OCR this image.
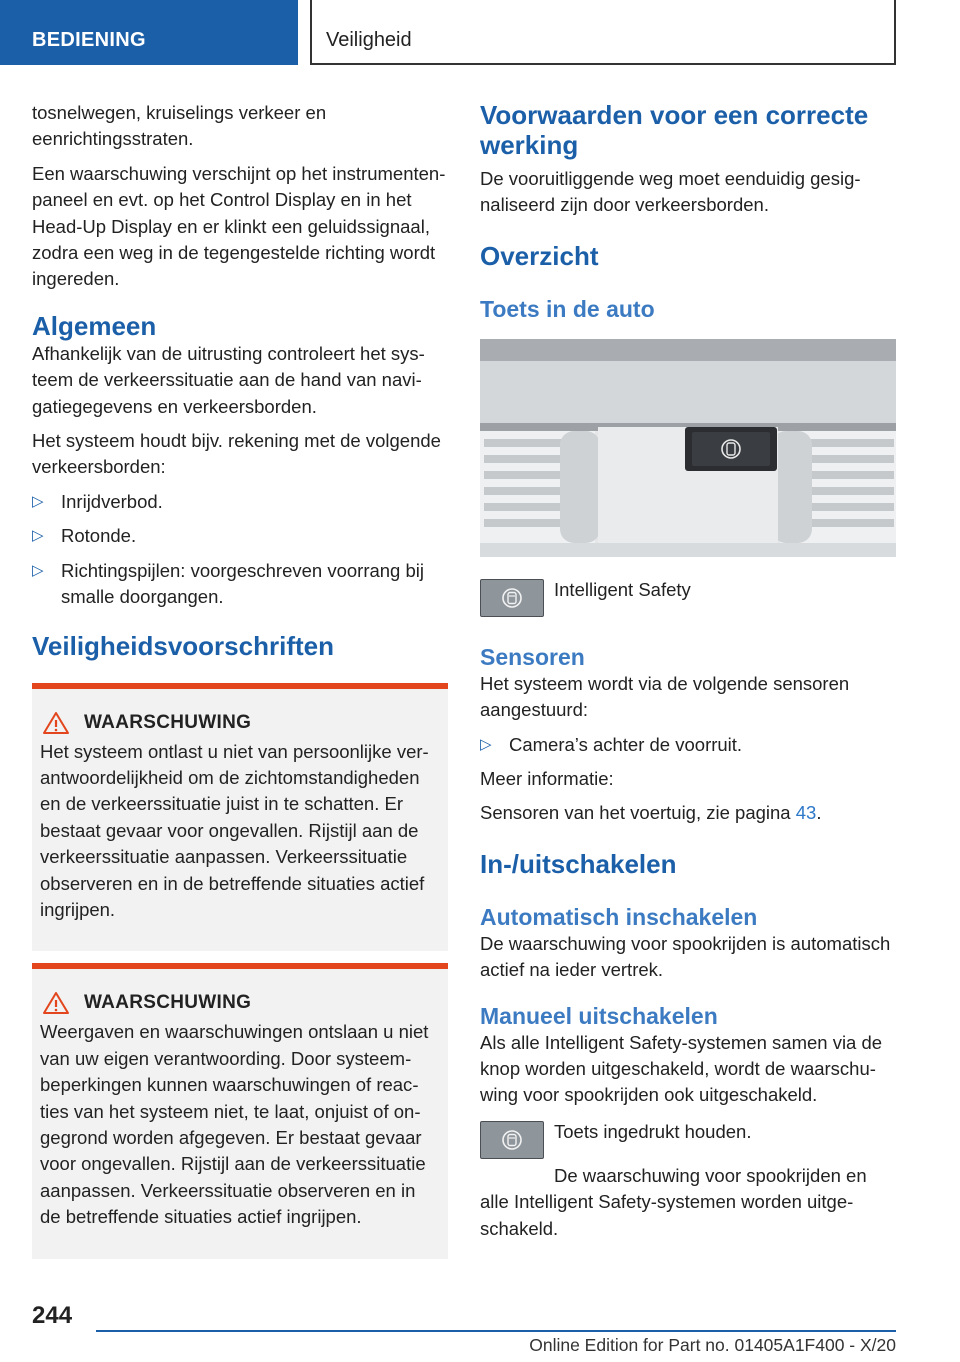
BEDIENING	Veiligheid

tosnelwegen, kruiselings verkeer en eenrichtingsstraten.

Een waarschuwing verschijnt op het instrumentenpaneel en evt. op het Control Display en in het Head-Up Display en er klinkt een geluidssignaal, zodra een weg in de tegengestelde richting wordt ingereden.

Algemeen

Afhankelijk van de uitrusting controleert het systeem de verkeerssituatie aan de hand van navigatiegegevens en verkeersborden.

Het systeem houdt bijv. rekening met de volgende verkeersborden:

▷ Inrijdverbod.
▷ Rotonde.
▷ Richtingspijlen: voorgeschreven voorrang bij smalle doorgangen.
Veiligheidsvoorschriften
WAARSCHUWING

Het systeem ontlast u niet van persoonlijke verantwoordelijkheid om de zichtomstandigheden en de verkeerssituatie juist in te schatten. Er bestaat gevaar voor ongevallen. Rijstijl aan de verkeerssituatie aanpassen. Verkeerssituatie observeren en in de betreffende situaties actief ingrijpen.

WAARSCHUWING

Weergaven en waarschuwingen ontslaan u niet van uw eigen verantwoording. Door systeembeperkingen kunnen waarschuwingen of reacties van het systeem niet, te laat, onjuist of ongegrond worden afgegeven. Er bestaat gevaar voor ongevallen. Rijstijl aan de verkeerssituatie aanpassen. Verkeerssituatie observeren en in de betreffende situaties actief ingrijpen.

Voorwaarden voor een correcte werking

De vooruitliggende weg moet eenduidig gesignaliseerd zijn door verkeersborden.

Overzicht
Toets in de auto
Intelligent Safety
Sensoren

Het systeem wordt via de volgende sensoren aangestuurd:

▷ Camera’s achter de voorruit.

Meer informatie:

Sensoren van het voertuig, zie pagina 43.

In-/uitschakelen
Automatisch inschakelen

De waarschuwing voor spookrijden is automatisch actief na ieder vertrek.

Manueel uitschakelen

Als alle Intelligent Safety-systemen samen via de knop worden uitgeschakeld, wordt de waarschuwing voor spookrijden ook uitgeschakeld.

Toets ingedrukt houden.

De waarschuwing voor spookrijden en alle Intelligent Safety-systemen worden uitgeschakeld.

244
Online Edition for Part no. 01405A1F400 - X/20
